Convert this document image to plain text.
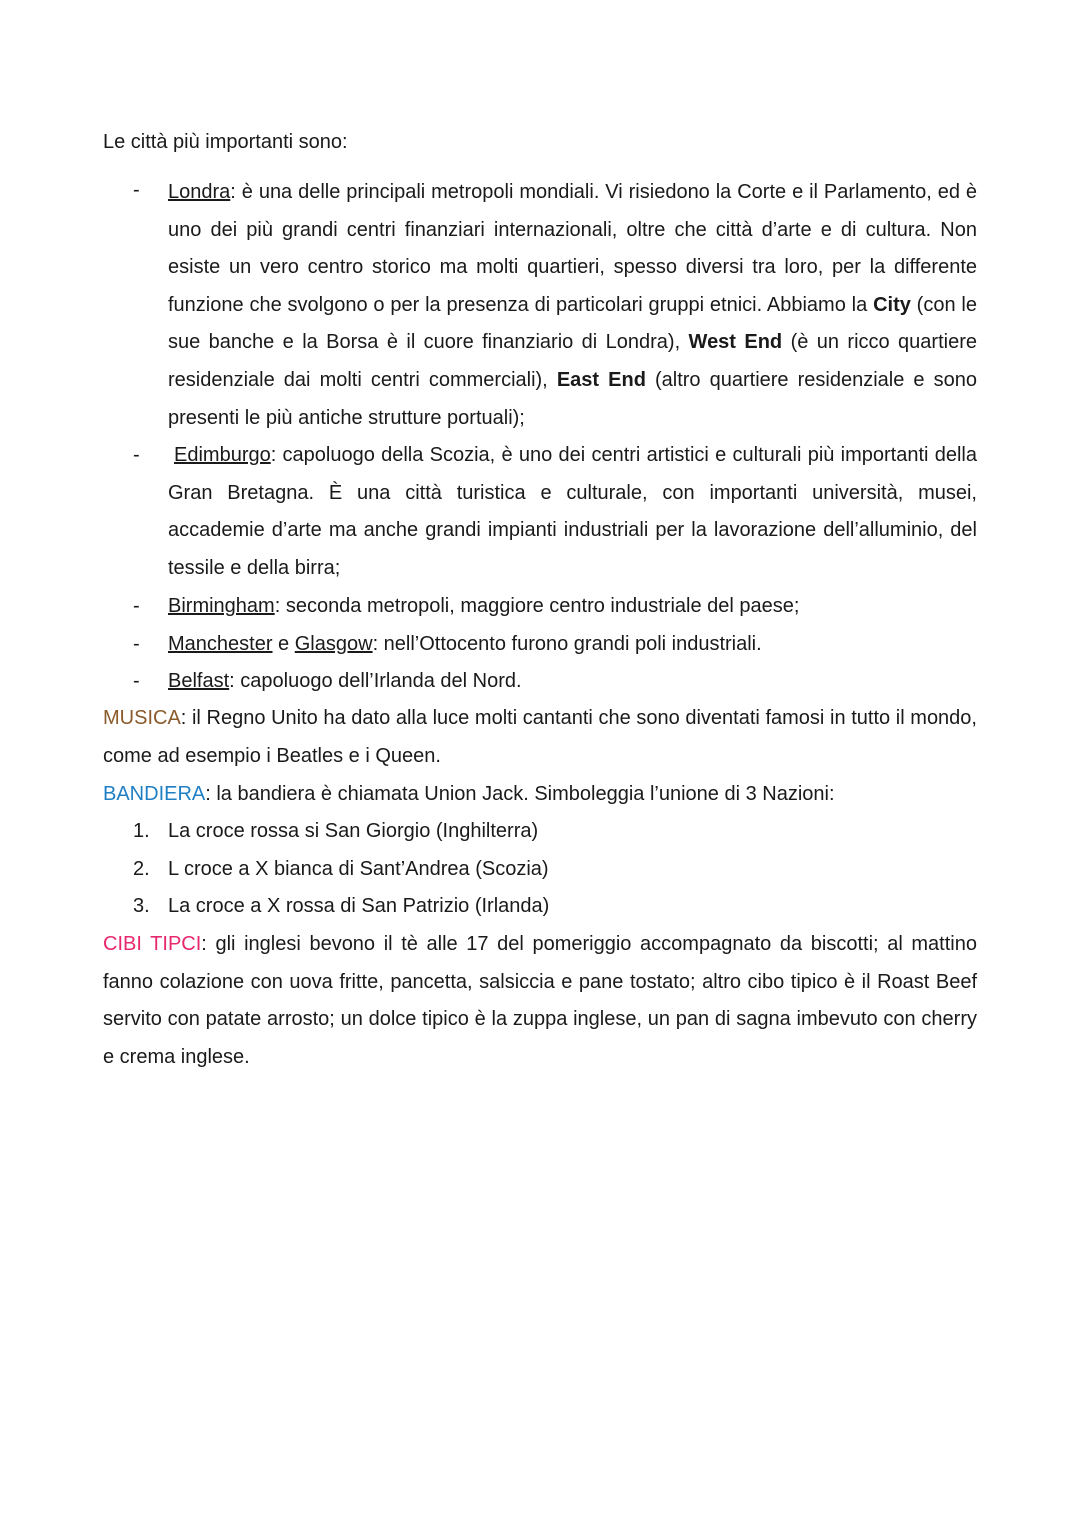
Le città più importanti sono:

- Londra: è una delle principali metropoli mondiali. Vi risiedono la Corte e il Parlamento, ed è uno dei più grandi centri finanziari internazionali, oltre che città d’arte e di cultura. Non esiste un vero centro storico ma molti quartieri, spesso diversi tra loro, per la differente funzione che svolgono o per la presenza di particolari gruppi etnici. Abbiamo la City (con le sue banche e la Borsa è il cuore finanziario di Londra), West End (è un ricco quartiere residenziale dai molti centri commerciali), East End (altro quartiere residenziale e sono presenti le più antiche strutture portuali);

-	Edimburgo: capoluogo della Scozia, è uno dei centri artistici e culturali più importanti della Gran Bretagna. È una città turistica e culturale, con importanti università, musei, accademie d’arte ma anche grandi impianti industriali per la lavorazione dell’alluminio, del tessile e della birra;

- Birmingham: seconda metropoli, maggiore centro industriale del paese;

- Manchester e Glasgow: nell’Ottocento furono grandi poli industriali.

- Belfast: capoluogo dell’Irlanda del Nord.

MUSICA: il Regno Unito ha dato alla luce molti cantanti che sono diventati famosi in tutto il mondo, come ad esempio i Beatles e i Queen.

BANDIERA: la bandiera è chiamata Union Jack. Simboleggia l’unione di 3 Nazioni:

1. La croce rossa si San Giorgio (Inghilterra)
2. L croce a X bianca di Sant’Andrea (Scozia)
3. La croce a X rossa di San Patrizio (Irlanda)

CIBI TIPCI: gli inglesi bevono il tè alle 17 del pomeriggio accompagnato da biscotti; al mattino fanno colazione con uova fritte, pancetta, salsiccia e pane tostato; altro cibo tipico è il Roast Beef servito con patate arrosto; un dolce tipico è la zuppa inglese, un pan di sagna imbevuto con cherry e crema inglese.
